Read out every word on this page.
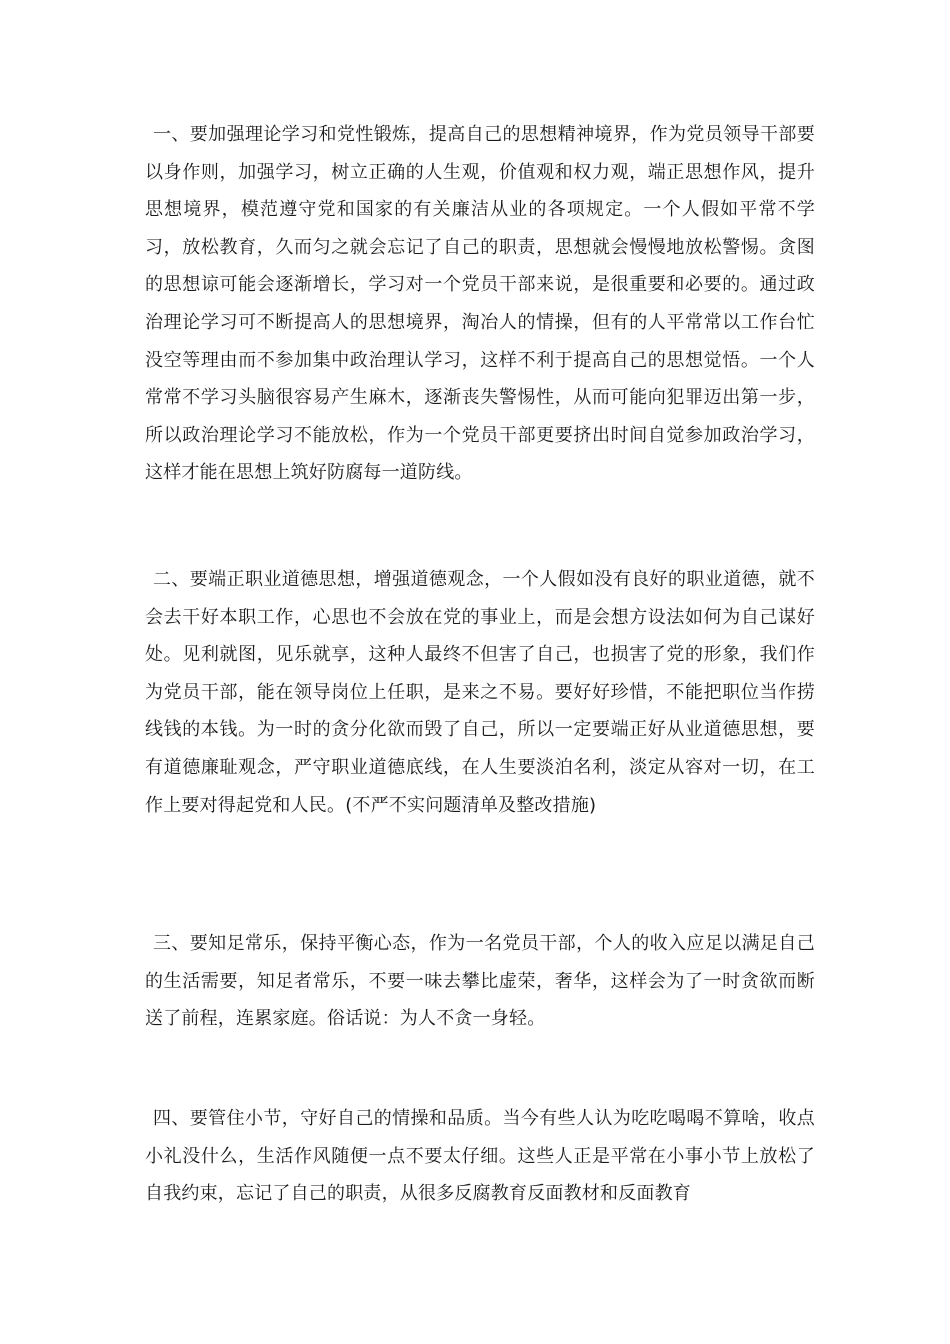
一、要加强理论学习和党性锻炼，提高自己的思想精神境界，作为党员领导干部要以身作则，加强学习，树立正确的人生观，价值观和权力观，端正思想作风，提升思想境界，模范遵守党和国家的有关廉洁从业的各项规定。一个人假如平常不学习，放松教育，久而匀之就会忘记了自己的职责，思想就会慢慢地放松警惕。贪图的思想谅可能会逐渐增长，学习对一个党员干部来说，是很重要和必要的。通过政治理论学习可不断提高人的思想境界，淘冶人的情操，但有的人平常常以工作台忙没空等理由而不参加集中政治理认学习，这样不利于提高自己的思想觉悟。一个人常常不学习头脑很容易产生麻木，逐渐丧失警惕性，从而可能向犯罪迈出第一步，所以政治理论学习不能放松，作为一个党员干部更要挤出时间自觉参加政治学习，这样才能在思想上筑好防腐每一道防线。

二、要端正职业道德思想，增强道德观念，一个人假如没有良好的职业道德，就不会去干好本职工作，心思也不会放在党的事业上，而是会想方设法如何为自己谋好处。见利就图，见乐就享，这种人最终不但害了自己，也损害了党的形象，我们作为党员干部，能在领导岗位上任职，是来之不易。要好好珍惜，不能把职位当作捞线钱的本钱。为一时的贪分化欲而毁了自己，所以一定要端正好从业道德思想，要有道德廉耻观念，严守职业道德底线，在人生要淡泊名利，淡定从容对一切，在工作上要对得起党和人民。(不严不实问题清单及整改措施)

三、要知足常乐，保持平衡心态，作为一名党员干部，个人的收入应足以满足自己的生活需要，知足者常乐，不要一味去攀比虚荣，奢华，这样会为了一时贪欲而断送了前程，连累家庭。俗话说：为人不贪一身轻。

四、要管住小节，守好自己的情操和品质。当今有些人认为吃吃喝喝不算啥，收点小礼没什么，生活作风随便一点不要太仔细。这些人正是平常在小事小节上放松了自我约束，忘记了自己的职责，从很多反腐教育反面教材和反面教育
